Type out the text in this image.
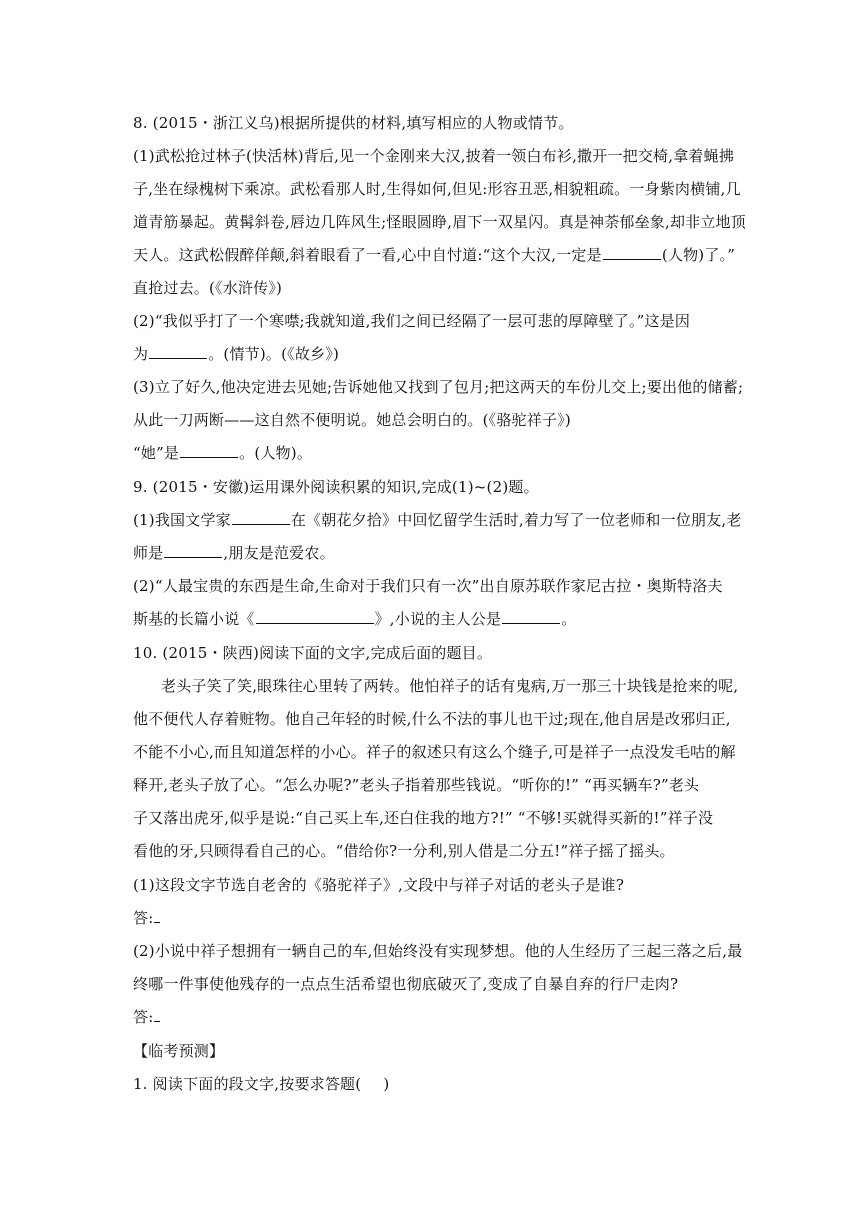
8. (2015・浙江义乌)根据所提供的材料,填写相应的人物或情节。
(1)武松抢过林子(快活林)背后,见一个金刚来大汉,披着一领白布衫,撒开一把交椅,拿着蝇拂
子,坐在绿槐树下乘凉。武松看那人时,生得如何,但见:形容丑恶,相貌粗疏。一身紫肉横铺,几
道青筋暴起。黄髯斜卷,唇边几阵风生;怪眼圆睁,眉下一双星闪。真是神荼郁垒象,却非立地顶
天人。这武松假醉佯颠,斜着眼看了一看,心中自忖道:“这个大汉,一定是	(人物)了。”
直抢过去。(《水浒传》)
(2)“我似乎打了一个寒噤;我就知道,我们之间已经隔了一层可悲的厚障壁了。”这是因
为	。(情节)。(《故乡》)
(3)立了好久,他决定进去见她;告诉她他又找到了包月;把这两天的车份儿交上;要出他的储蓄;
从此一刀两断——这自然不便明说。她总会明白的。(《骆驼祥子》)
“她”是	。(人物)。
9. (2015・安徽)运用课外阅读积累的知识,完成(1)~(2)题。
(1)我国文学家	在《朝花夕拾》中回忆留学生活时,着力写了一位老师和一位朋友,老
师是	,朋友是范爱农。
(2)“人最宝贵的东西是生命,生命对于我们只有一次”出自原苏联作家尼古拉・奥斯特洛夫
斯基的长篇小说《	》,小说的主人公是	。
10. (2015・陕西)阅读下面的文字,完成后面的题目。
老头子笑了笑,眼珠往心里转了两转。他怕祥子的话有鬼病,万一那三十块钱是抢来的呢,
他不便代人存着赃物。他自己年轻的时候,什么不法的事儿也干过;现在,他自居是改邪归正,
不能不小心,而且知道怎样的小心。祥子的叙述只有这么个缝子,可是祥子一点没发毛咕的解
释开,老头子放了心。“怎么办呢?”老头子指着那些钱说。“听你的!” “再买辆车?”老头
子又落出虎牙,似乎是说:“自己买上车,还白住我的地方?!” “不够!买就得买新的!”祥子没
看他的牙,只顾得看自己的心。“借给你?一分利,别人借是二分五!”祥子摇了摇头。
(1)这段文字节选自老舍的《骆驼祥子》,文段中与祥子对话的老头子是谁?
答:
(2)小说中祥子想拥有一辆自己的车,但始终没有实现梦想。他的人生经历了三起三落之后,最
终哪一件事使他残存的一点点生活希望也彻底破灭了,变成了自暴自弃的行尸走肉?
答:
【临考预测】
1. 阅读下面的段文字,按要求答题( )
